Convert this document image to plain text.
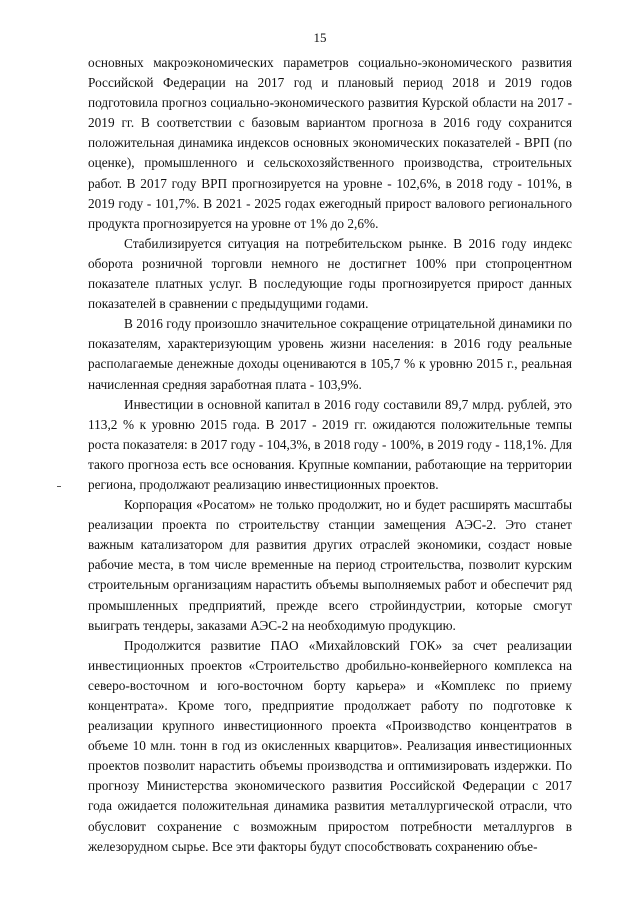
15

основных макроэкономических параметров социально-экономического развития Российской Федерации на 2017 год и плановый период 2018 и 2019 годов подготовила прогноз социально-экономического развития Курской области на 2017 - 2019 гг. В соответствии с базовым вариантом прогноза в 2016 году сохранится положительная динамика индексов основных экономических показателей - ВРП (по оценке), промышленного и сельскохозяйственного производства, строительных работ. В 2017 году ВРП прогнозируется на уровне - 102,6%, в 2018 году - 101%, в 2019 году - 101,7%. В 2021 - 2025 годах ежегодный прирост валового регионального продукта прогнозируется на уровне от 1% до 2,6%.

Стабилизируется ситуация на потребительском рынке. В 2016 году индекс оборота розничной торговли немного не достигнет 100% при стопроцентном показателе платных услуг. В последующие годы прогнозируется прирост данных показателей в сравнении с предыдущими годами.

В 2016 году произошло значительное сокращение отрицательной динамики по показателям, характеризующим уровень жизни населения: в 2016 году реальные располагаемые денежные доходы оцениваются в 105,7 % к уровню 2015 г., реальная начисленная средняя заработная плата - 103,9%.

Инвестиции в основной капитал в 2016 году составили 89,7 млрд. рублей, это 113,2 % к уровню 2015 года. В 2017 - 2019 гг. ожидаются положительные темпы роста показателя: в 2017 году - 104,3%, в 2018 году - 100%, в 2019 году - 118,1%. Для такого прогноза есть все основания. Крупные компании, работающие на территории региона, продолжают реализацию инвестиционных проектов.

Корпорация «Росатом» не только продолжит, но и будет расширять масштабы реализации проекта по строительству станции замещения АЭС-2. Это станет важным катализатором для развития других отраслей экономики, создаст новые рабочие места, в том числе временные на период строительства, позволит курским строительным организациям нарастить объемы выполняемых работ и обеспечит ряд промышленных предприятий, прежде всего стройиндустрии, которые смогут выиграть тендеры, заказами АЭС-2 на необходимую продукцию.

Продолжится развитие ПАО «Михайловский ГОК» за счет реализации инвестиционных проектов «Строительство дробильно-конвейерного комплекса на северо-восточном и юго-восточном борту карьера» и «Комплекс по приему концентрата». Кроме того, предприятие продолжает работу по подготовке к реализации крупного инвестиционного проекта «Производство концентратов в объеме 10 млн. тонн в год из окисленных кварцитов». Реализация инвестиционных проектов позволит нарастить объемы производства и оптимизировать издержки. По прогнозу Министерства экономического развития Российской Федерации с 2017 года ожидается положительная динамика развития металлургической отрасли, что обусловит сохранение с возможным приростом потребности металлургов в железорудном сырье. Все эти факторы будут способствовать сохранению объе-
